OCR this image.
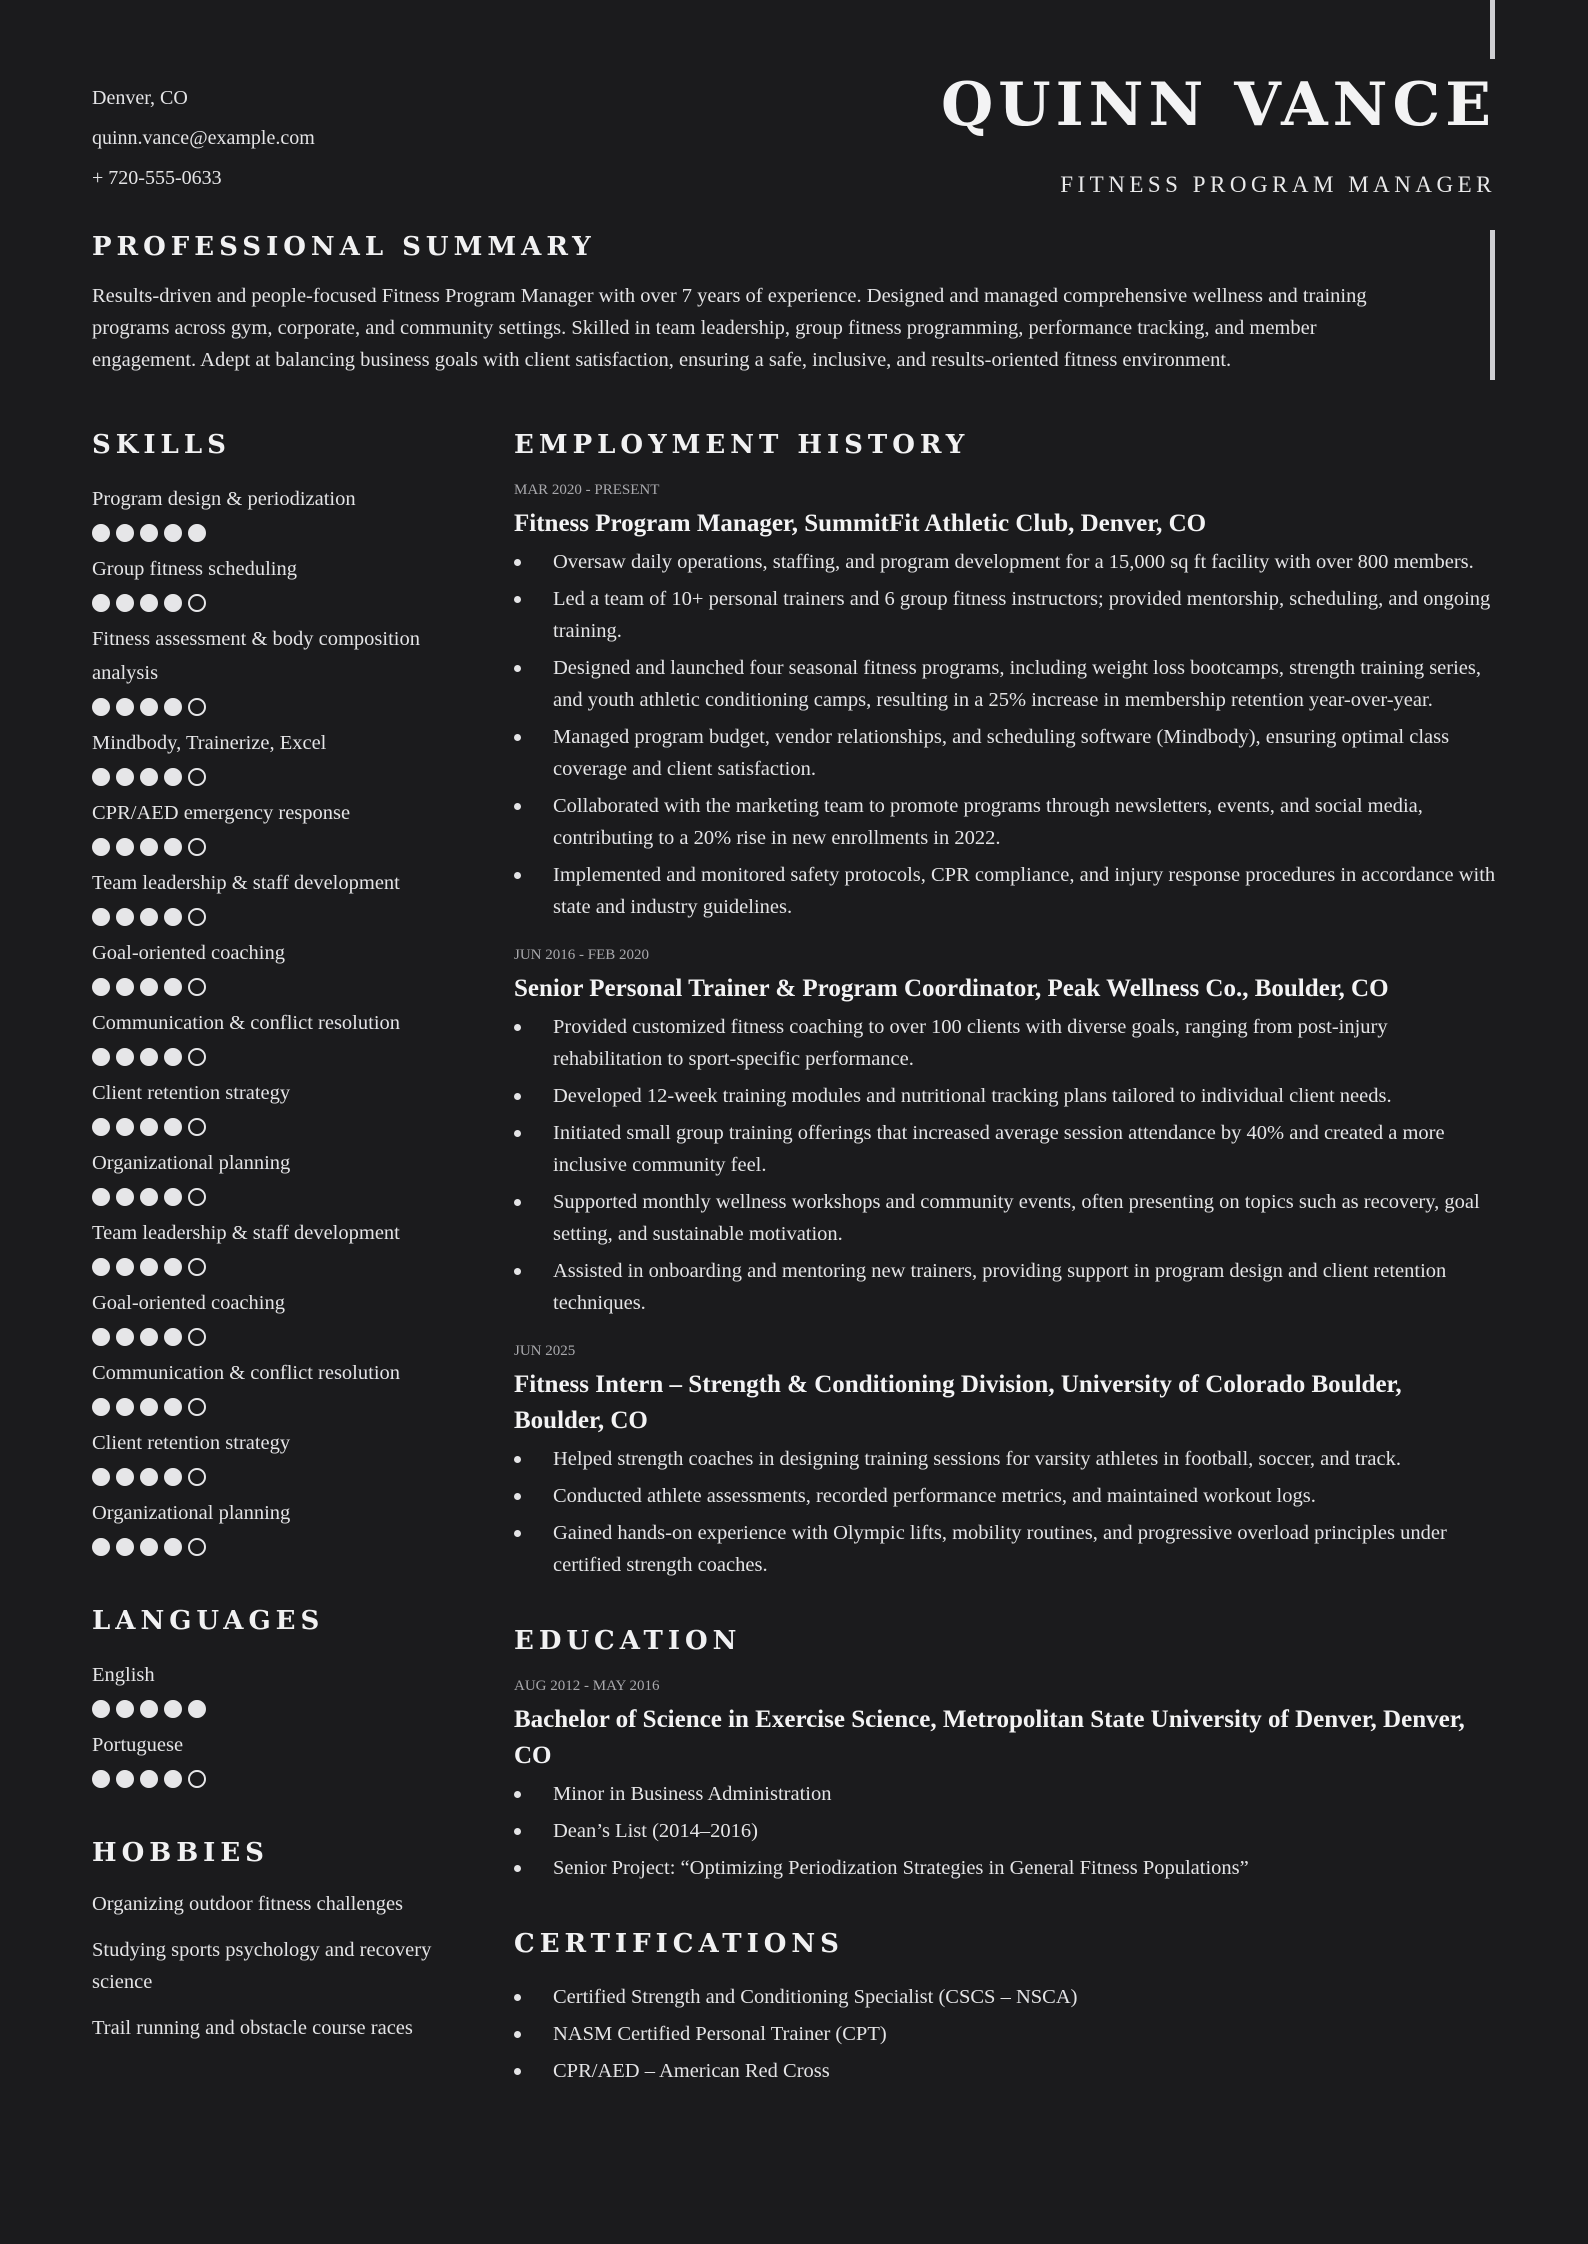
Denver, CO
quinn.vance@example.com
+ 720-555-0633
QUINN VANCE
FITNESS PROGRAM MANAGER
PROFESSIONAL SUMMARY

Results-driven and people-focused Fitness Program Manager with over 7 years of experience. Designed and managed comprehensive wellness and training programs across gym, corporate, and community settings. Skilled in team leadership, group fitness programming, performance tracking, and member engagement. Adept at balancing business goals with client satisfaction, ensuring a safe, inclusive, and results-oriented fitness environment.

SKILLS
Program design & periodization
Group fitness scheduling
Fitness assessment & body composition analysis
Mindbody, Trainerize, Excel
CPR/AED emergency response
Team leadership & staff development
Goal-oriented coaching
Communication & conflict resolution
Client retention strategy
Organizational planning
Team leadership & staff development
Goal-oriented coaching
Communication & conflict resolution
Client retention strategy
Organizational planning
LANGUAGES
English
Portuguese
HOBBIES
Organizing outdoor fitness challenges
Studying sports psychology and recovery science
Trail running and obstacle course races
EMPLOYMENT HISTORY
MAR 2020 - PRESENT
Fitness Program Manager, SummitFit Athletic Club, Denver, CO
Oversaw daily operations, staffing, and program development for a 15,000 sq ft facility with over 800 members.
Led a team of 10+ personal trainers and 6 group fitness instructors; provided mentorship, scheduling, and ongoing training.
Designed and launched four seasonal fitness programs, including weight loss bootcamps, strength training series, and youth athletic conditioning camps, resulting in a 25% increase in membership retention year-over-year.
Managed program budget, vendor relationships, and scheduling software (Mindbody), ensuring optimal class coverage and client satisfaction.
Collaborated with the marketing team to promote programs through newsletters, events, and social media, contributing to a 20% rise in new enrollments in 2022.
Implemented and monitored safety protocols, CPR compliance, and injury response procedures in accordance with state and industry guidelines.
JUN 2016 - FEB 2020
Senior Personal Trainer & Program Coordinator, Peak Wellness Co., Boulder, CO
Provided customized fitness coaching to over 100 clients with diverse goals, ranging from post-injury rehabilitation to sport-specific performance.
Developed 12-week training modules and nutritional tracking plans tailored to individual client needs.
Initiated small group training offerings that increased average session attendance by 40% and created a more inclusive community feel.
Supported monthly wellness workshops and community events, often presenting on topics such as recovery, goal setting, and sustainable motivation.
Assisted in onboarding and mentoring new trainers, providing support in program design and client retention techniques.
JUN 2025
Fitness Intern – Strength & Conditioning Division, University of Colorado Boulder, Boulder, CO
Helped strength coaches in designing training sessions for varsity athletes in football, soccer, and track.
Conducted athlete assessments, recorded performance metrics, and maintained workout logs.
Gained hands-on experience with Olympic lifts, mobility routines, and progressive overload principles under certified strength coaches.
EDUCATION
AUG 2012 - MAY 2016
Bachelor of Science in Exercise Science, Metropolitan State University of Denver, Denver, CO
Minor in Business Administration
Dean’s List (2014–2016)
Senior Project: “Optimizing Periodization Strategies in General Fitness Populations”
CERTIFICATIONS
Certified Strength and Conditioning Specialist (CSCS – NSCA)
NASM Certified Personal Trainer (CPT)
CPR/AED – American Red Cross
